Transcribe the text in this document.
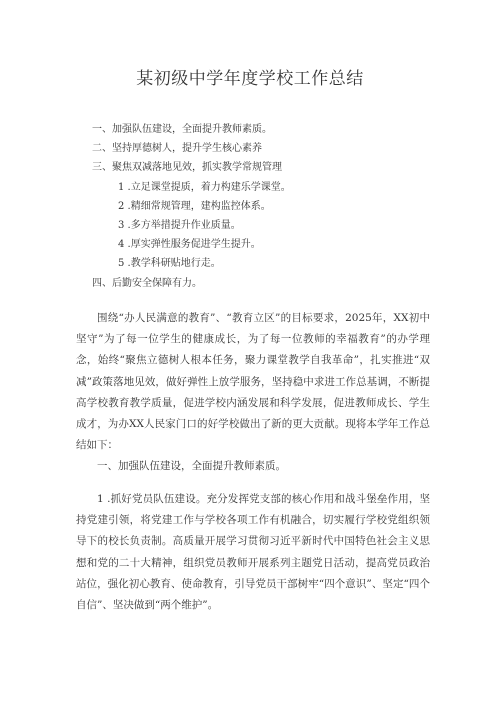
某初级中学年度学校工作总结
一、加强队伍建设，全面提升教师素质。
二、坚持厚德树人，提升学生核心素养
三、聚焦双减落地见效，抓实教学常规管理
1 .立足课堂提质，着力构建乐学课堂。
2 .精细常规管理，建构监控体系。
3 .多方举措提升作业质量。
4 .厚实弹性服务促进学生提升。
5 .教学科研贴地行走。
四、后勤安全保障有力。
围绕“办人民满意的教育”、“教育立区”的目标要求，2025年，XX初中坚守”为了每一位学生的健康成长，为了每一位教师的幸福教育”的办学理念，始终“聚焦立德树人根本任务，聚力课堂教学自我革命”，扎实推进“双减”政策落地见效，做好弹性上放学服务，坚持稳中求进工作总基调，不断提高学校教育教学质量，促进学校内涵发展和科学发展，促进教师成长、学生成才，为办XX人民家门口的好学校做出了新的更大贡献。现将本学年工作总结如下：
一、加强队伍建设，全面提升教师素质。
1 .抓好党员队伍建设。充分发挥党支部的核心作用和战斗堡垒作用，坚持党建引领，将党建工作与学校各项工作有机融合，切实履行学校党组织领导下的校长负责制。高质量开展学习贯彻习近平新时代中国特色社会主义思想和党的二十大精神，组织党员教师开展系列主题党日活动，提高党员政治站位，强化初心教育、使命教育，引导党员干部树牢“四个意识”、坚定“四个自信”、坚决做到“两个维护”。
